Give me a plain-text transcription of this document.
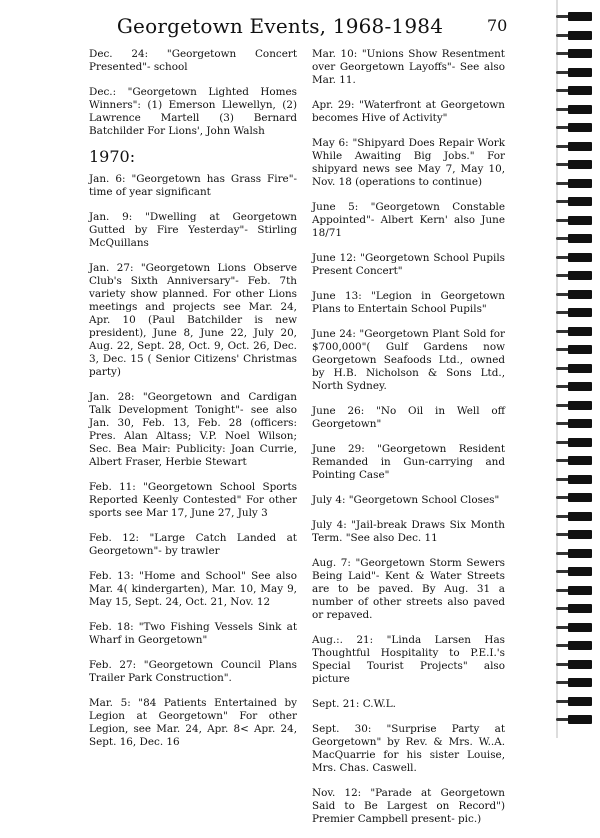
Georgetown Events, 1968-1984	70

Dec. 24: "Georgetown Concert Presented"- school

Dec.: "Georgetown Lighted Homes Winners": (1) Emerson Llewellyn, (2) Lawrence Martell (3) Bernard Batchilder For Lions', John Walsh

1970:

Jan. 6: "Georgetown has Grass Fire"- time of year significant

Jan. 9: "Dwelling at Georgetown Gutted by Fire Yesterday"- Stirling McQuillans

Jan. 27: "Georgetown Lions Observe Club's Sixth Anniversary"- Feb. 7th variety show planned. For other Lions meetings and projects see Mar. 24, Apr. 10 (Paul Batchilder is new president), June 8, June 22, July 20, Aug. 22, Sept. 28, Oct. 9, Oct. 26, Dec. 3, Dec. 15 ( Senior Citizens' Christmas party)

Jan. 28: "Georgetown and Cardigan Talk Development Tonight"- see also Jan. 30, Feb. 13, Feb. 28 (officers: Pres. Alan Altass; V.P. Noel Wilson; Sec. Bea Mair: Publicity: Joan Currie, Albert Fraser, Herbie Stewart

Feb. 11: "Georgetown School Sports Reported Keenly Contested" For other sports see Mar 17, June 27, July 3

Feb. 12: "Large Catch Landed at Georgetown"- by trawler

Feb. 13: "Home and School" See also Mar. 4( kindergarten), Mar. 10, May 9, May 15, Sept. 24, Oct. 21, Nov. 12

Feb. 18: "Two Fishing Vessels Sink at Wharf in Georgetown"

Feb. 27: "Georgetown Council Plans Trailer Park Construction".

Mar. 5: "84 Patients Entertained by Legion at Georgetown" For other Legion, see Mar. 24, Apr. 8< Apr. 24, Sept. 16, Dec. 16

Mar. 10: "Unions Show Resentment over Georgetown Layoffs"- See also Mar. 11.

Apr. 29: "Waterfront at Georgetown becomes Hive of Activity"

May 6: "Shipyard Does Repair Work While Awaiting Big Jobs." For shipyard news see May 7, May 10, Nov. 18 (operations to continue)

June 5: "Georgetown Constable Appointed"- Albert Kern' also June 18/71

June 12: "Georgetown School Pupils Present Concert"

June 13: "Legion in Georgetown Plans to Entertain School Pupils"

June 24: "Georgetown Plant Sold for $700,000"( Gulf Gardens now Georgetown Seafoods Ltd., owned by H.B. Nicholson & Sons Ltd., North Sydney.

June 26: "No Oil in Well off Georgetown"

June 29: "Georgetown Resident Remanded in Gun-carrying and Pointing Case"

July 4: "Georgetown School Closes"

July 4: "Jail-break Draws Six Month Term. "See also Dec. 11

Aug. 7: "Georgetown Storm Sewers Being Laid"- Kent & Water Streets are to be paved. By Aug. 31 a number of other streets also paved or repaved.

Aug.:. 21: "Linda Larsen Has Thoughtful Hospitality to P.E.I.'s Special Tourist Projects" also picture

Sept. 21: C.W.L.

Sept. 30: "Surprise Party at Georgetown" by Rev. & Mrs. W..A. MacQuarrie for his sister Louise, Mrs. Chas. Caswell.

Nov. 12: "Parade at Georgetown Said to Be Largest on Record") Premier Campbell present- pic.)
